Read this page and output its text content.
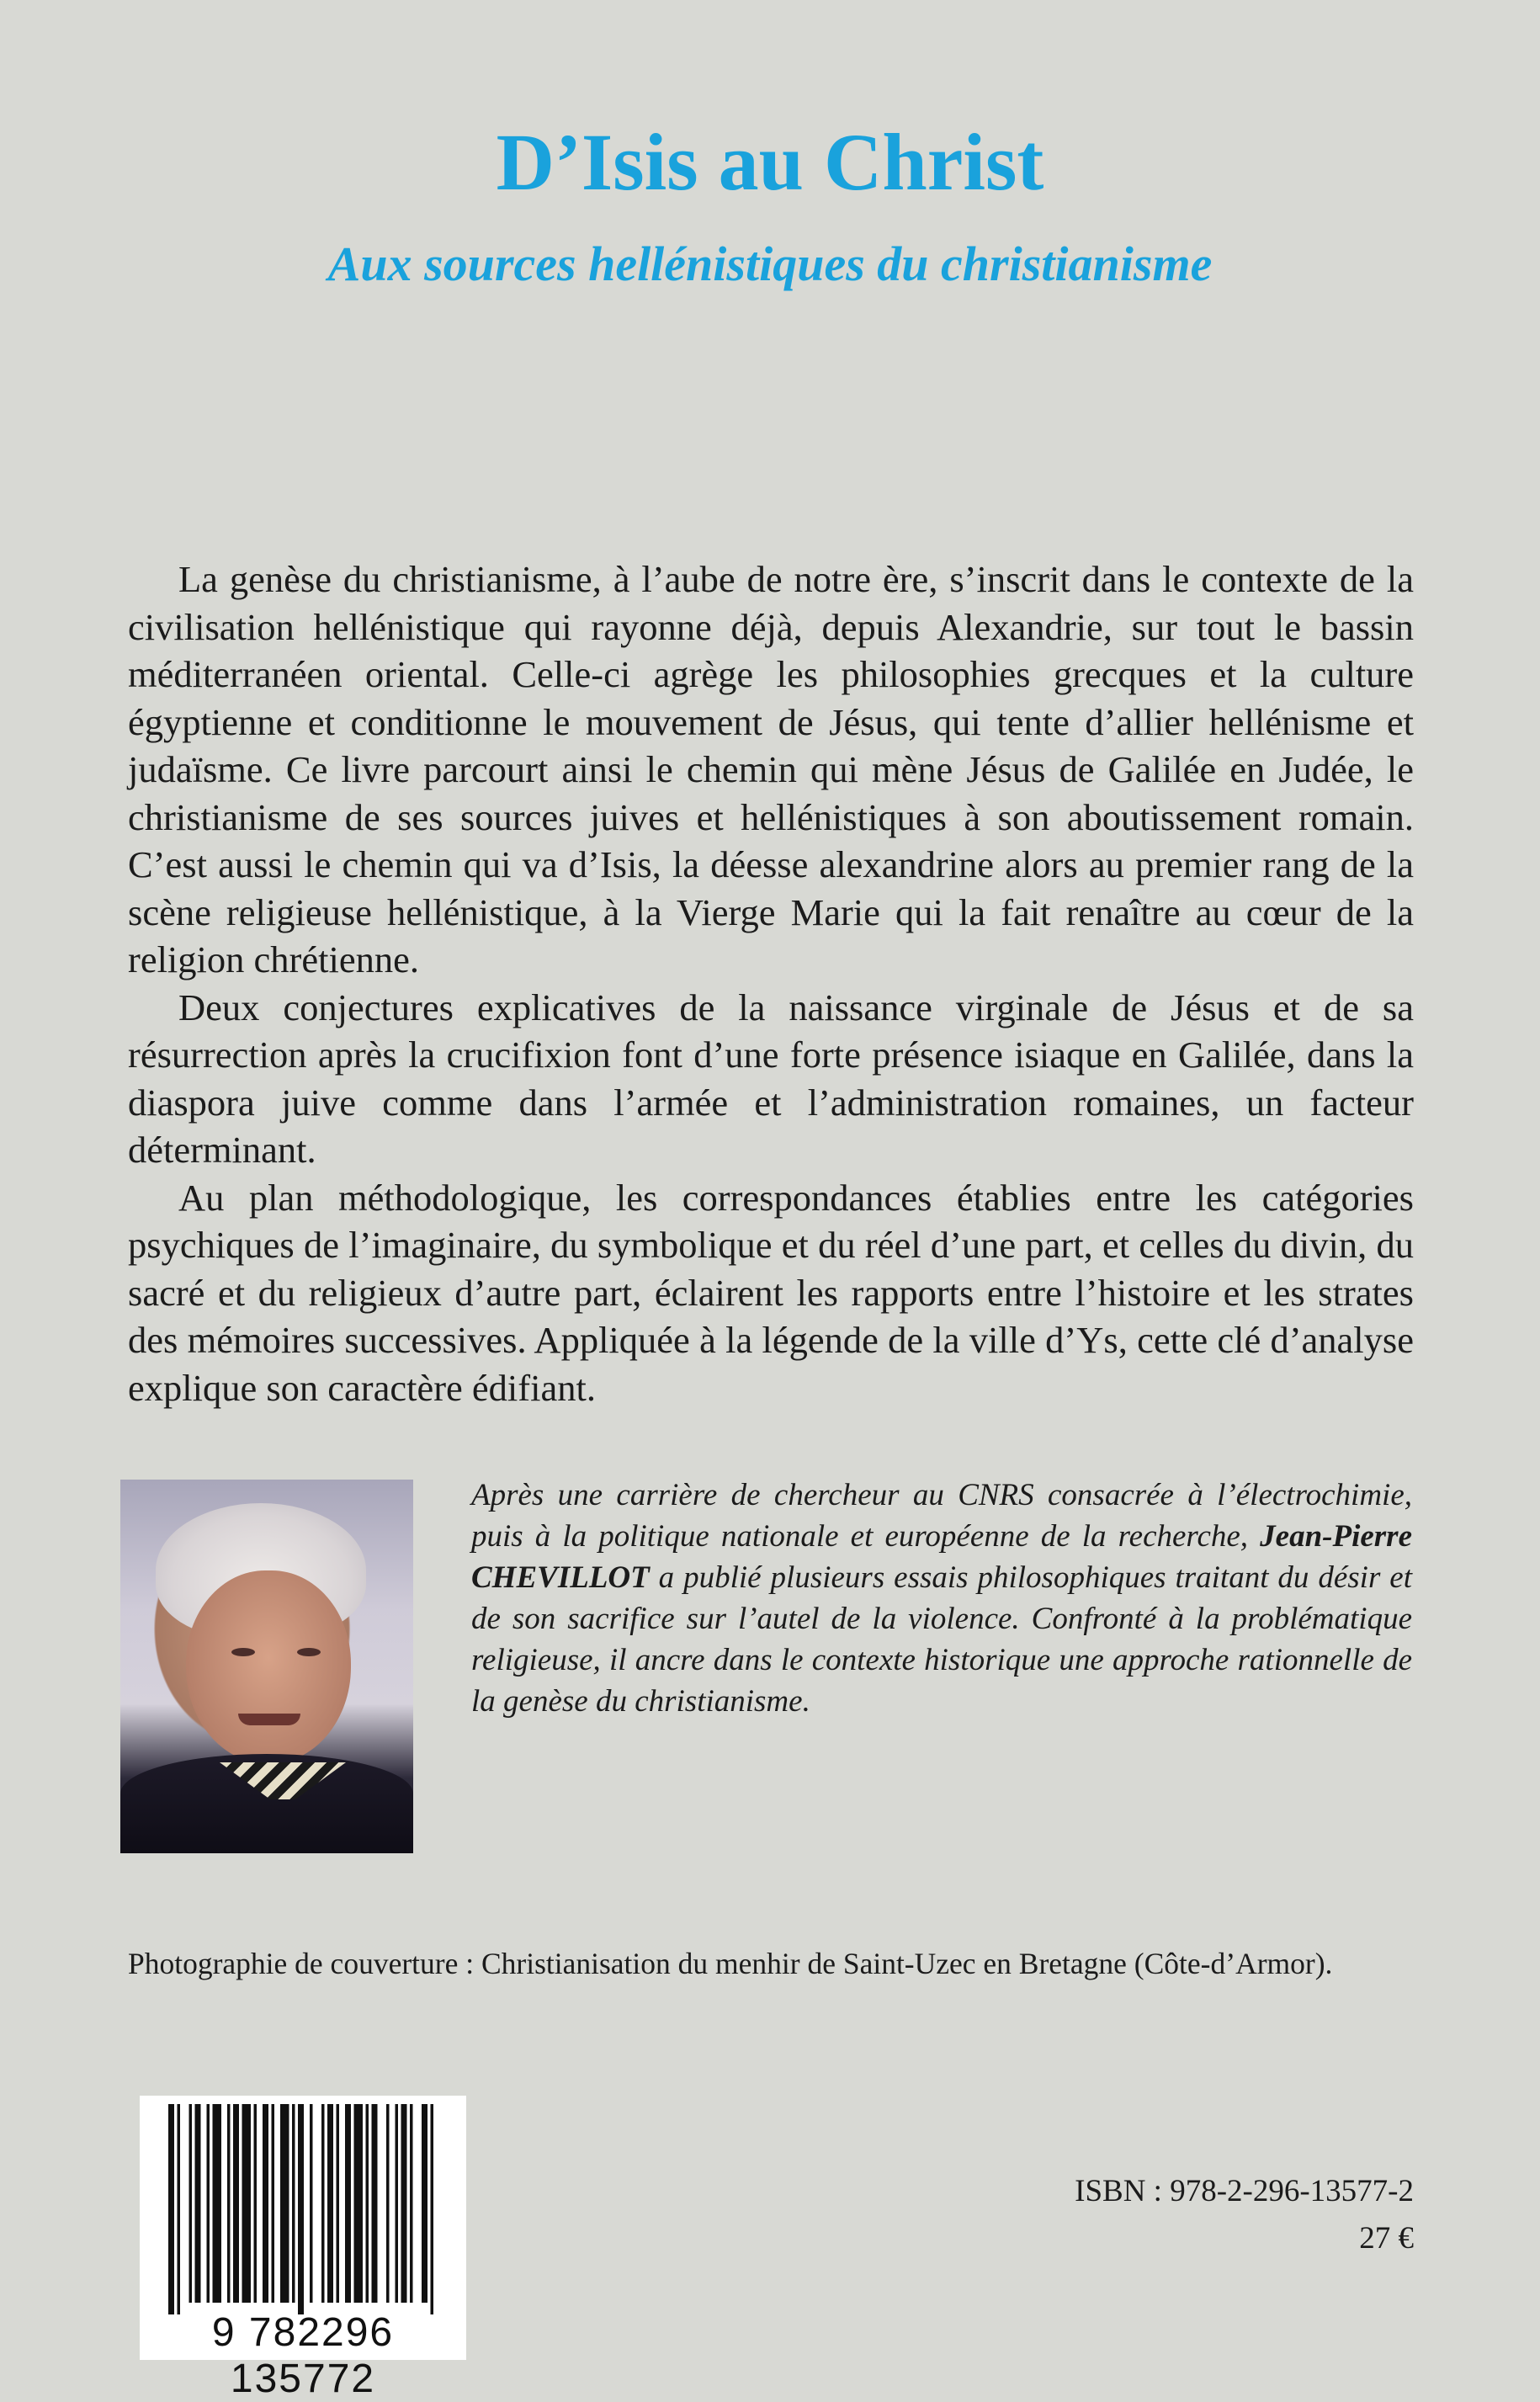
D’Isis au Christ
Aux sources hellénistiques du christianisme

La genèse du christianisme, à l’aube de notre ère, s’inscrit dans le contexte de la civilisation hellénistique qui rayonne déjà, depuis Alexandrie, sur tout le bassin méditerranéen oriental. Celle-ci agrège les philosophies grecques et la culture égyptienne et conditionne le mouvement de Jésus, qui tente d’allier hellénisme et judaïsme. Ce livre parcourt ainsi le chemin qui mène Jésus de Galilée en Judée, le christianisme de ses sources juives et hellénistiques à son aboutissement romain. C’est aussi le chemin qui va d’Isis, la déesse alexandrine alors au premier rang de la scène religieuse hellénistique, à la Vierge Marie qui la fait renaître au cœur de la religion chrétienne.

Deux conjectures explicatives de la naissance virginale de Jésus et de sa résurrection après la crucifixion font d’une forte présence isiaque en Galilée, dans la diaspora juive comme dans l’armée et l’administration romaines, un facteur déterminant.

Au plan méthodologique, les correspondances établies entre les catégories psychiques de l’imaginaire, du symbolique et du réel d’une part, et celles du divin, du sacré et du religieux d’autre part, éclairent les rapports entre l’histoire et les strates des mémoires successives. Appliquée à la légende de la ville d’Ys, cette clé d’analyse explique son caractère édifiant.

Après une carrière de chercheur au CNRS consacrée à l’électrochimie, puis à la politique nationale et européenne de la recherche, Jean-Pierre CHEVILLOT a publié plusieurs essais philosophiques traitant du désir et de son sacrifice sur l’autel de la violence. Confronté à la problématique religieuse, il ancre dans le contexte historique une approche rationnelle de la genèse du christianisme.

Photographie de couverture : Christianisation du menhir de Saint-Uzec en Bretagne (Côte-d’Armor).

9 782296 135772

ISBN : 978-2-296-13577-2

27 €
